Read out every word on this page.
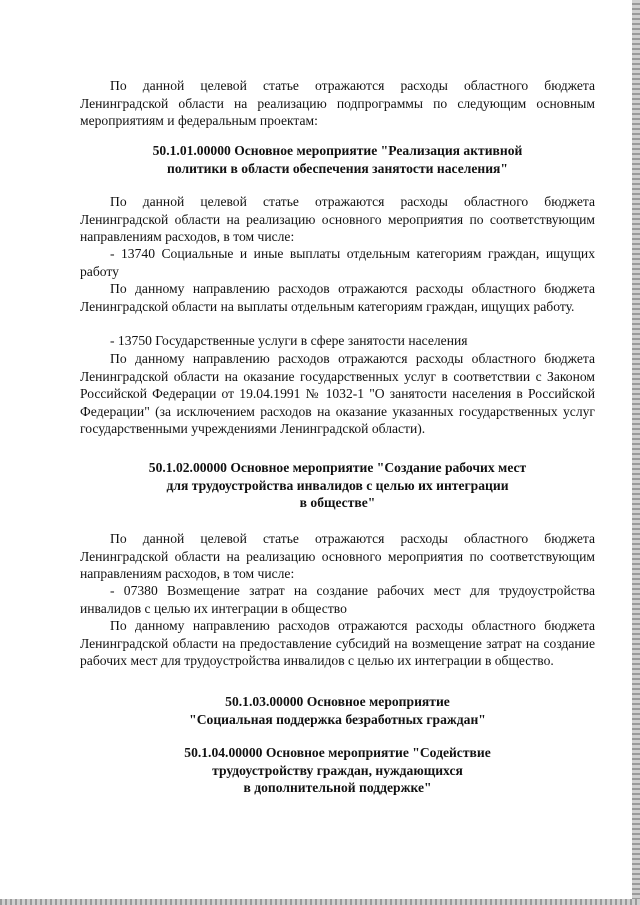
По данной целевой статье отражаются расходы областного бюджета Ленинградской области на реализацию подпрограммы по следующим основным мероприятиям и федеральным проектам:

50.1.01.00000 Основное мероприятие "Реализация активной
политики в области обеспечения занятости населения"

По данной целевой статье отражаются расходы областного бюджета Ленинградской области на реализацию основного мероприятия по соответствующим направлениям расходов, в том числе:

- 13740 Социальные и иные выплаты отдельным категориям граждан, ищущих работу

По данному направлению расходов отражаются расходы областного бюджета Ленинградской области на выплаты отдельным категориям граждан, ищущих работу.

- 13750 Государственные услуги в сфере занятости населения

По данному направлению расходов отражаются расходы областного бюджета Ленинградской области на оказание государственных услуг в соответствии с Законом Российской Федерации от 19.04.1991 № 1032-1 "О занятости населения в Российской Федерации" (за исключением расходов на оказание указанных государственных услуг государственными учреждениями Ленинградской области).

50.1.02.00000 Основное мероприятие "Создание рабочих мест
для трудоустройства инвалидов с целью их интеграции
в обществе"

По данной целевой статье отражаются расходы областного бюджета Ленинградской области на реализацию основного мероприятия по соответствующим направлениям расходов, в том числе:

- 07380 Возмещение затрат на создание рабочих мест для трудоустройства инвалидов с целью их интеграции в общество

По данному направлению расходов отражаются расходы областного бюджета Ленинградской области на предоставление субсидий на возмещение затрат на создание рабочих мест для трудоустройства инвалидов с целью их интеграции в общество.

50.1.03.00000 Основное мероприятие
"Социальная поддержка безработных граждан"
50.1.04.00000 Основное мероприятие "Содействие
трудоустройству граждан, нуждающихся
в дополнительной поддержке"
